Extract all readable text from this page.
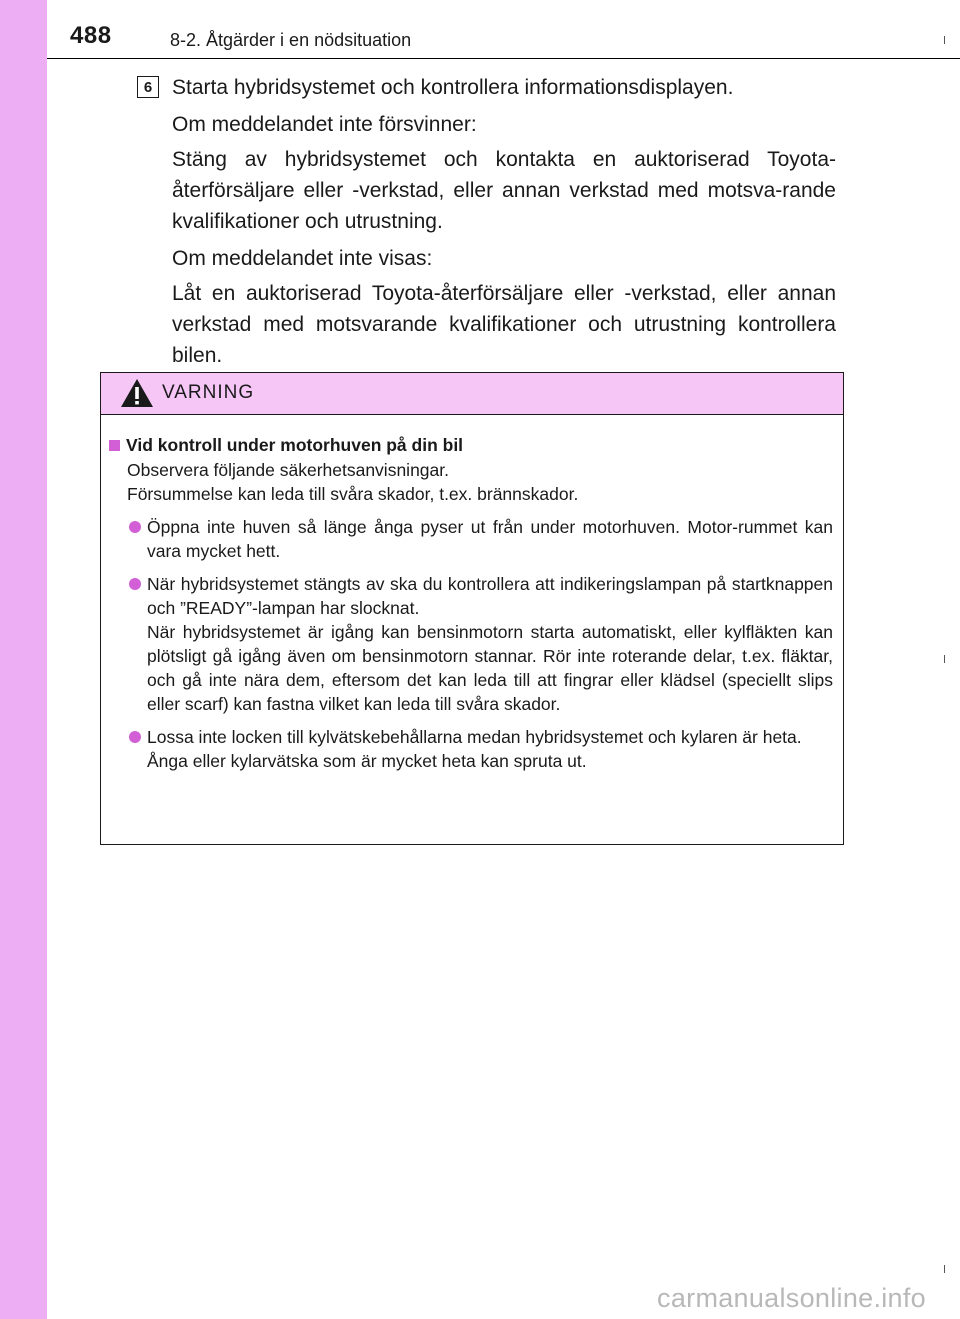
488	8-2. Åtgärder i en nödsituation
6 Starta hybridsystemet och kontrollera informationsdisplayen.

Om meddelandet inte försvinner:

Stäng av hybridsystemet och kontakta en auktoriserad Toyota-återförsäljare eller -verkstad, eller annan verkstad med motsva-rande kvalifikationer och utrustning.

Om meddelandet inte visas:

Låt en auktoriserad Toyota-återförsäljare eller -verkstad, eller annan verkstad med motsvarande kvalifikationer och utrustning kontrollera bilen.

VARNING
Vid kontroll under motorhuven på din bil
Observera följande säkerhetsanvisningar.
Försummelse kan leda till svåra skador, t.ex. brännskador.
Öppna inte huven så länge ånga pyser ut från under motorhuven. Motor-rummet kan vara mycket hett.
När hybridsystemet stängts av ska du kontrollera att indikeringslampan på startknappen och ”READY”-lampan har slocknat.
När hybridsystemet är igång kan bensinmotorn starta automatiskt, eller kylfläkten kan plötsligt gå igång även om bensinmotorn stannar. Rör inte roterande delar, t.ex. fläktar, och gå inte nära dem, eftersom det kan leda till att fingrar eller klädsel (speciellt slips eller scarf) kan fastna vilket kan leda till svåra skador.
Lossa inte locken till kylvätskebehållarna medan hybridsystemet och kylaren är heta.
Ånga eller kylarvätska som är mycket heta kan spruta ut.
carmanualsonline.info
